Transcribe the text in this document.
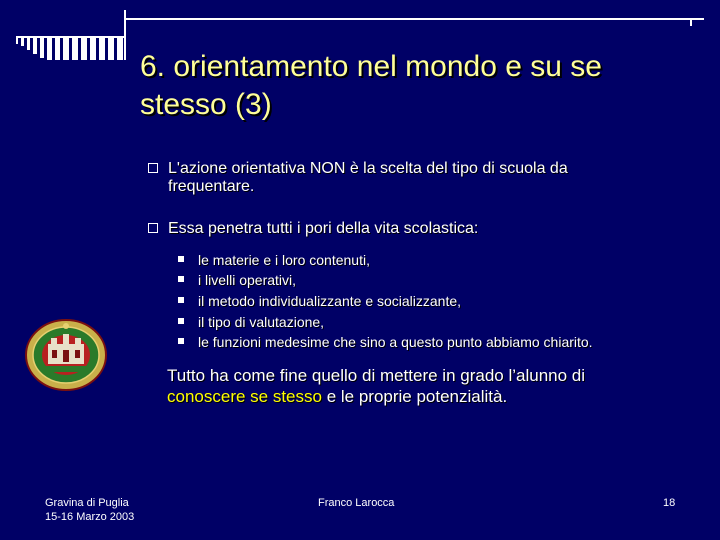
6. orientamento nel mondo e su se
stesso (3)
L'azione orientativa NON è la scelta del tipo di scuola da
frequentare.
Essa penetra tutti i pori della vita scolastica:
le materie e i loro contenuti,
i livelli operativi,
il metodo individualizzante e socializzante,
il tipo di valutazione,
le funzioni medesime che sino a questo punto abbiamo chiarito.
Tutto ha come fine quello di mettere in grado l’alunno di
conoscere se stesso e le proprie potenzialità.
Gravina di Puglia
15-16 Marzo 2003
Franco Larocca	18
